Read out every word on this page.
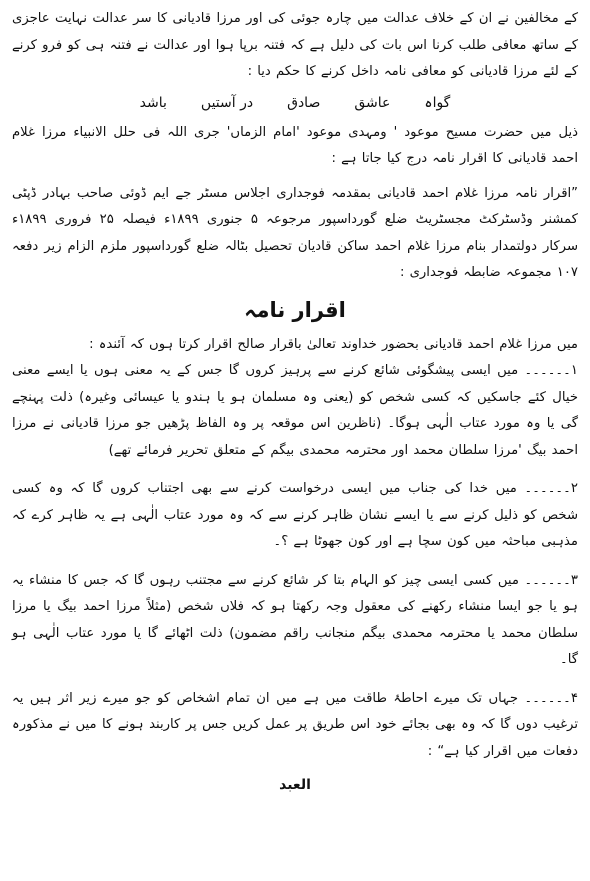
کے مخالفین نے ان کے خلاف عدالت میں چارہ جوئی کی اور مرزا قادیانی کا سر عدالت نہایت عاجزی کے ساتھ معافی طلب کرنا اس بات کی دلیل ہے کہ فتنہ برپا ہوا اور عدالت نے فتنہ ہی کو فرو کرنے کے لئے مرزا قادیانی کو معافی نامہ داخل کرنے کا حکم دیا :

گواہ
عاشق
صادق
در آستیں
باشد

ذیل میں حضرت مسیح موعود ' ومہدی موعود 'امام الزماں' جری اللہ فی حلل الانبیاء مرزا غلام احمد قادیانی کا اقرار نامہ درج کیا جاتا ہے :

”اقرار نامہ مرزا غلام احمد قادیانی بمقدمہ فوجداری اجلاس مسٹر جے ایم ڈوئی صاحب بہادر ڈپٹی کمشنر وڈسٹرکٹ مجسٹریٹ ضلع گورداسپور مرجوعہ ۵ جنوری ۱۸۹۹ء فیصلہ ۲۵ فروری ۱۸۹۹ء سرکار دولتمدار بنام مرزا غلام احمد ساکن قادیان تحصیل بٹالہ ضلع گورداسپور ملزم الزام زیر دفعہ ۱۰۷ مجموعہ ضابطہ فوجداری :

اقرار نامہ

میں مرزا غلام احمد قادیانی بحضور خداوند تعالیٰ باقرار صالح اقرار کرتا ہوں کہ آئندہ :

۱۔۔۔۔۔۔ میں ایسی پیشگوئی شائع کرنے سے پرہیز کروں گا جس کے یہ معنی ہوں یا ایسے معنی خیال کئے جاسکیں کہ کسی شخص کو (یعنی وہ مسلمان ہو یا ہندو یا عیسائی وغیرہ) ذلت پہنچے گی یا وہ مورد عتاب الٰہی ہوگا۔ (ناظرین اس موقعہ پر وہ الفاظ پڑھیں جو مرزا قادیانی نے مرزا احمد بیگ 'مرزا سلطان محمد اور محترمہ محمدی بیگم کے متعلق تحریر فرمائے تھے)

۲۔۔۔۔۔۔ میں خدا کی جناب میں ایسی درخواست کرنے سے بھی اجتناب کروں گا کہ وہ کسی شخص کو ذلیل کرنے سے یا ایسے نشان ظاہر کرنے سے کہ وہ مورد عتاب الٰہی ہے یہ ظاہر کرے کہ مذہبی مباحثہ میں کون سچا ہے اور کون جھوٹا ہے ؟۔

۳۔۔۔۔۔۔ میں کسی ایسی چیز کو الہام بتا کر شائع کرنے سے مجتنب رہوں گا کہ جس کا منشاء یہ ہو یا جو ایسا منشاء رکھنے کی معقول وجہ رکھتا ہو کہ فلاں شخص (مثلاً مرزا احمد بیگ یا مرزا سلطان محمد یا محترمہ محمدی بیگم منجانب راقم مضمون) ذلت اٹھائے گا یا مورد عتاب الٰہی ہو گا۔

۴۔۔۔۔۔۔ جہاں تک میرے احاطۂ طاقت میں ہے میں ان تمام اشخاص کو جو میرے زیر اثر ہیں یہ ترغیب دوں گا کہ وہ بھی بجائے خود اس طریق پر عمل کریں جس پر کاربند ہونے کا میں نے مذکورہ دفعات میں اقرار کیا ہے“ :

العبد
